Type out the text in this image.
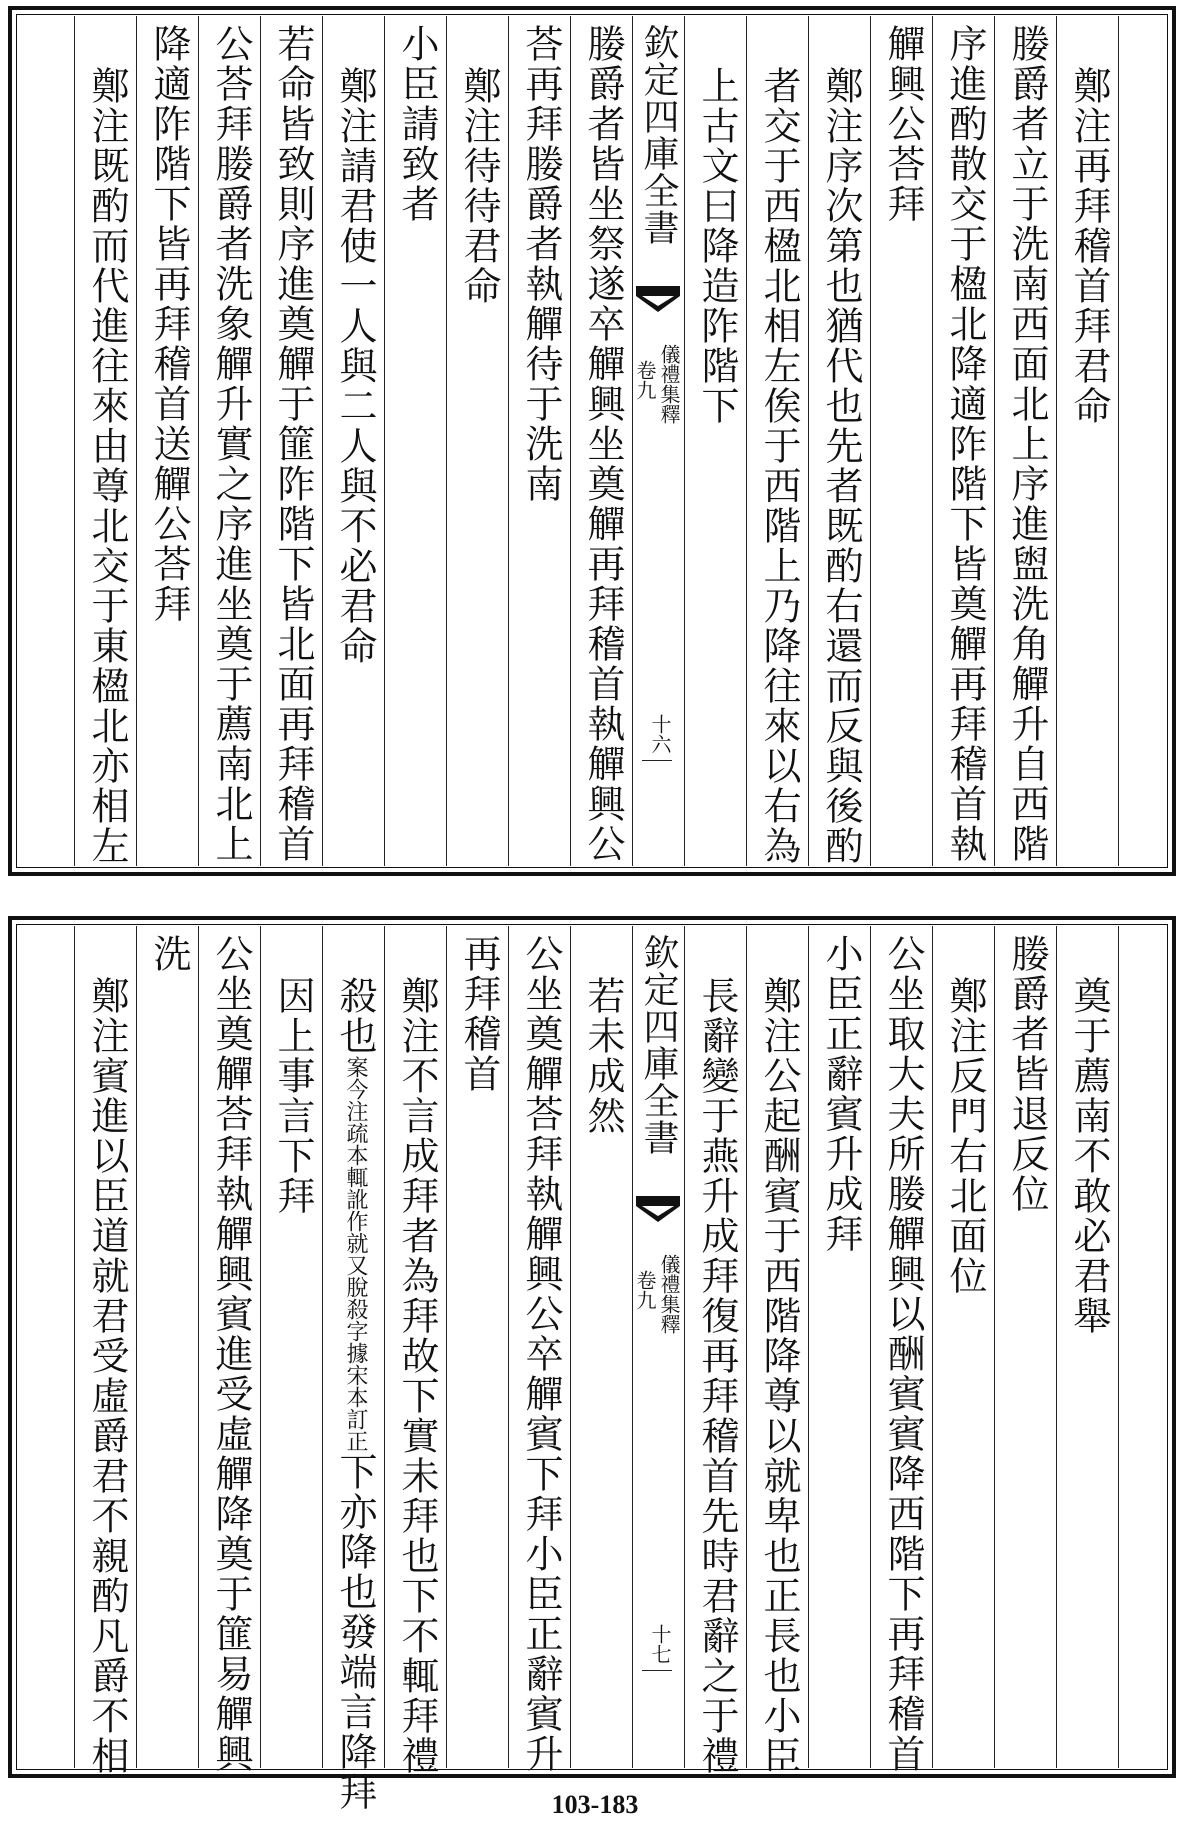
鄭注再拜稽首拜君命
媵爵者立于洗南西面北上序進盥洗角觶升自西階
序進酌散交于楹北降適阼階下皆奠觶再拜稽首執
觶興公荅拜
鄭注序次第也猶代也先者既酌右還而反與後酌
者交于西楹北相左俟于西階上乃降往來以右為
上古文曰降造阼階下
媵爵者皆坐祭遂卒觶興坐奠觶再拜稽首執觶興公 欽定四庫全書
儀禮集釋
卷九
十六
荅再拜媵爵者執觶待于洗南
鄭注待待君命
小臣請致者
鄭注請君使一人與二人與不必君命
若命皆致則序進奠觶于篚阼階下皆北面再拜稽首
公荅拜媵爵者洗象觶升實之序進坐奠于薦南北上
降適阼階下皆再拜稽首送觶公荅拜
鄭注既酌而代進往來由尊北交于東楹北亦相左
奠于薦南不敢必君舉
媵爵者皆退反位
鄭注反門右北面位
公坐取大夫所媵觶興以酬賓賓降西階下再拜稽首
小臣正辭賓升成拜
鄭注公起酬賓于西階降尊以就卑也正長也小臣
長辭變于燕升成拜復再拜稽首先時君辭之于禮
若未成然 欽定四庫全書
儀禮集釋
卷九
十七
公坐奠觶荅拜執觶興公卒觶賓下拜小臣正辭賓升
再拜稽首
鄭注不言成拜者為拜故下實未拜也下不輒拜禮
殺也案今注疏本輒訛作就又脫殺字據宋本訂正下亦降也發端言降拜
因上事言下拜
公坐奠觶荅拜執觶興賓進受虛觶降奠于篚易觶興
洗
鄭注賓進以臣道就君受虛爵君不親酌凡爵不相
103-183
